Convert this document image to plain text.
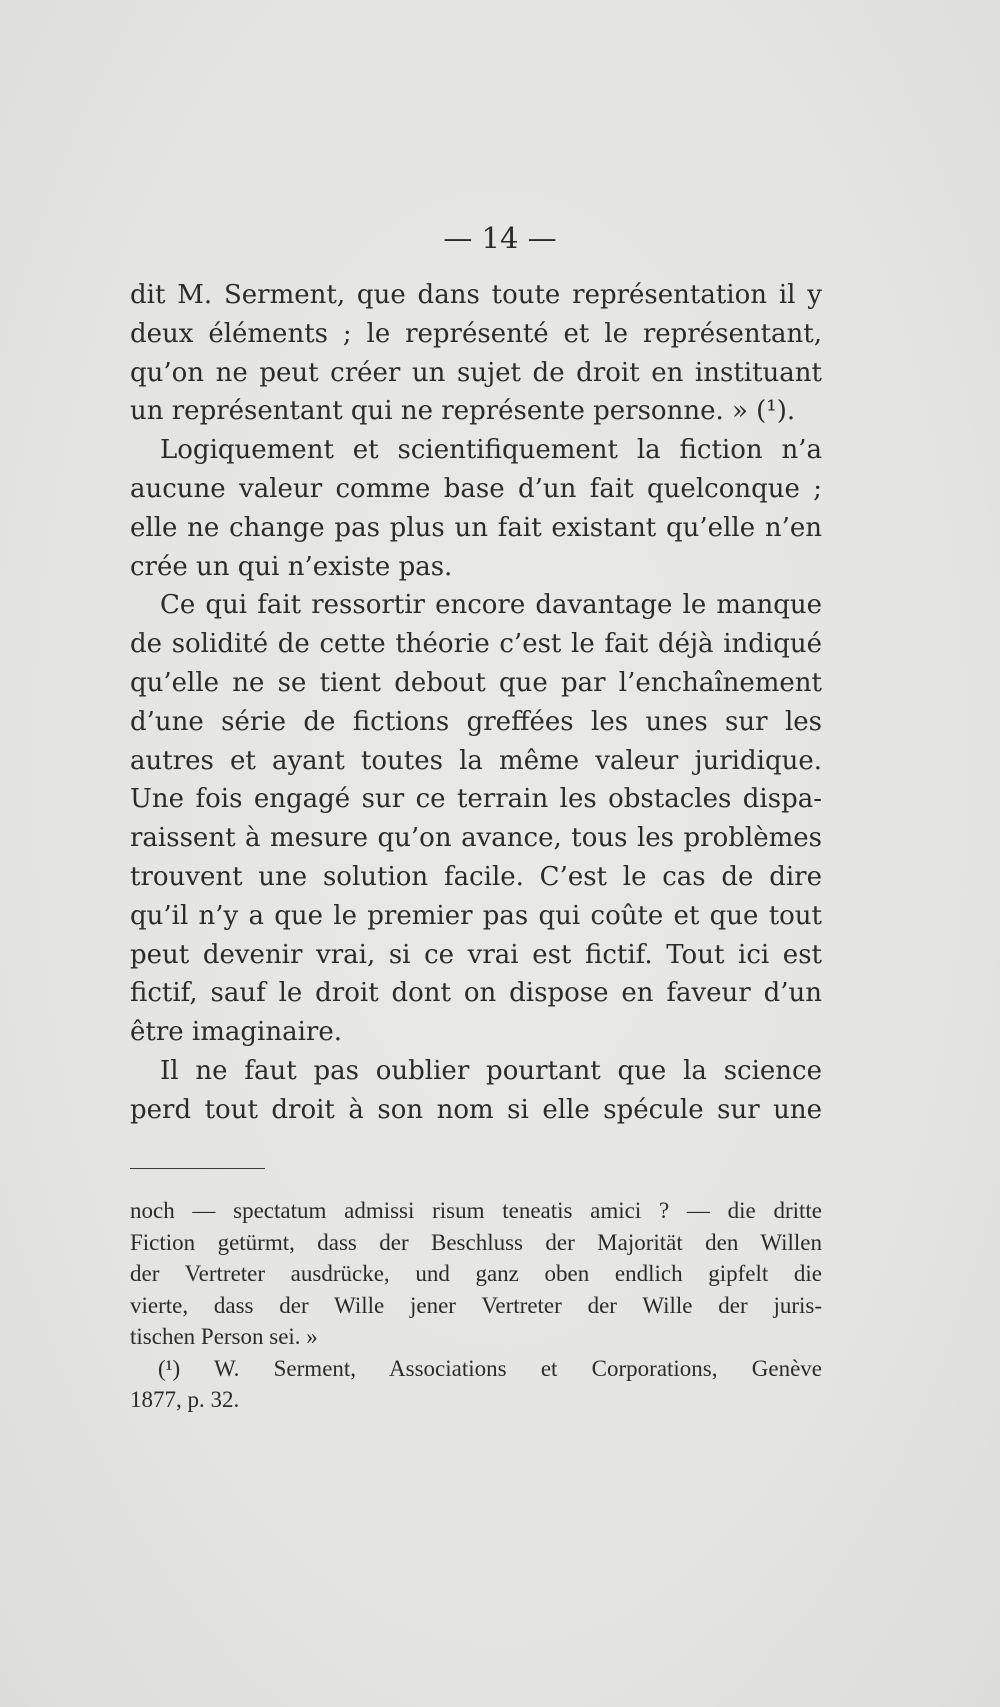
— 14 —
dit M. Serment, que dans toute représentation il y
deux éléments ; le représenté et le représentant,
qu’on ne peut créer un sujet de droit en instituant
un représentant qui ne représente personne. » (¹).
Logiquement et scientifiquement la fiction n’a
aucune valeur comme base d’un fait quelconque ;
elle ne change pas plus un fait existant qu’elle n’en
crée un qui n’existe pas.
Ce qui fait ressortir encore davantage le manque
de solidité de cette théorie c’est le fait déjà indiqué
qu’elle ne se tient debout que par l’enchaînement
d’une série de fictions greffées les unes sur les
autres et ayant toutes la même valeur juridique.
Une fois engagé sur ce terrain les obstacles dispa-
raissent à mesure qu’on avance, tous les problèmes
trouvent une solution facile. C’est le cas de dire
qu’il n’y a que le premier pas qui coûte et que tout
peut devenir vrai, si ce vrai est fictif. Tout ici est
fictif, sauf le droit dont on dispose en faveur d’un
être imaginaire.
Il ne faut pas oublier pourtant que la science
perd tout droit à son nom si elle spécule sur une
noch — spectatum admissi risum teneatis amici ? — die dritte
Fiction getürmt, dass der Beschluss der Majorität den Willen
der Vertreter ausdrücke, und ganz oben endlich gipfelt die
vierte, dass der Wille jener Vertreter der Wille der juris-
tischen Person sei. »
(¹) W. Serment, Associations et Corporations, Genève
1877, p. 32.
